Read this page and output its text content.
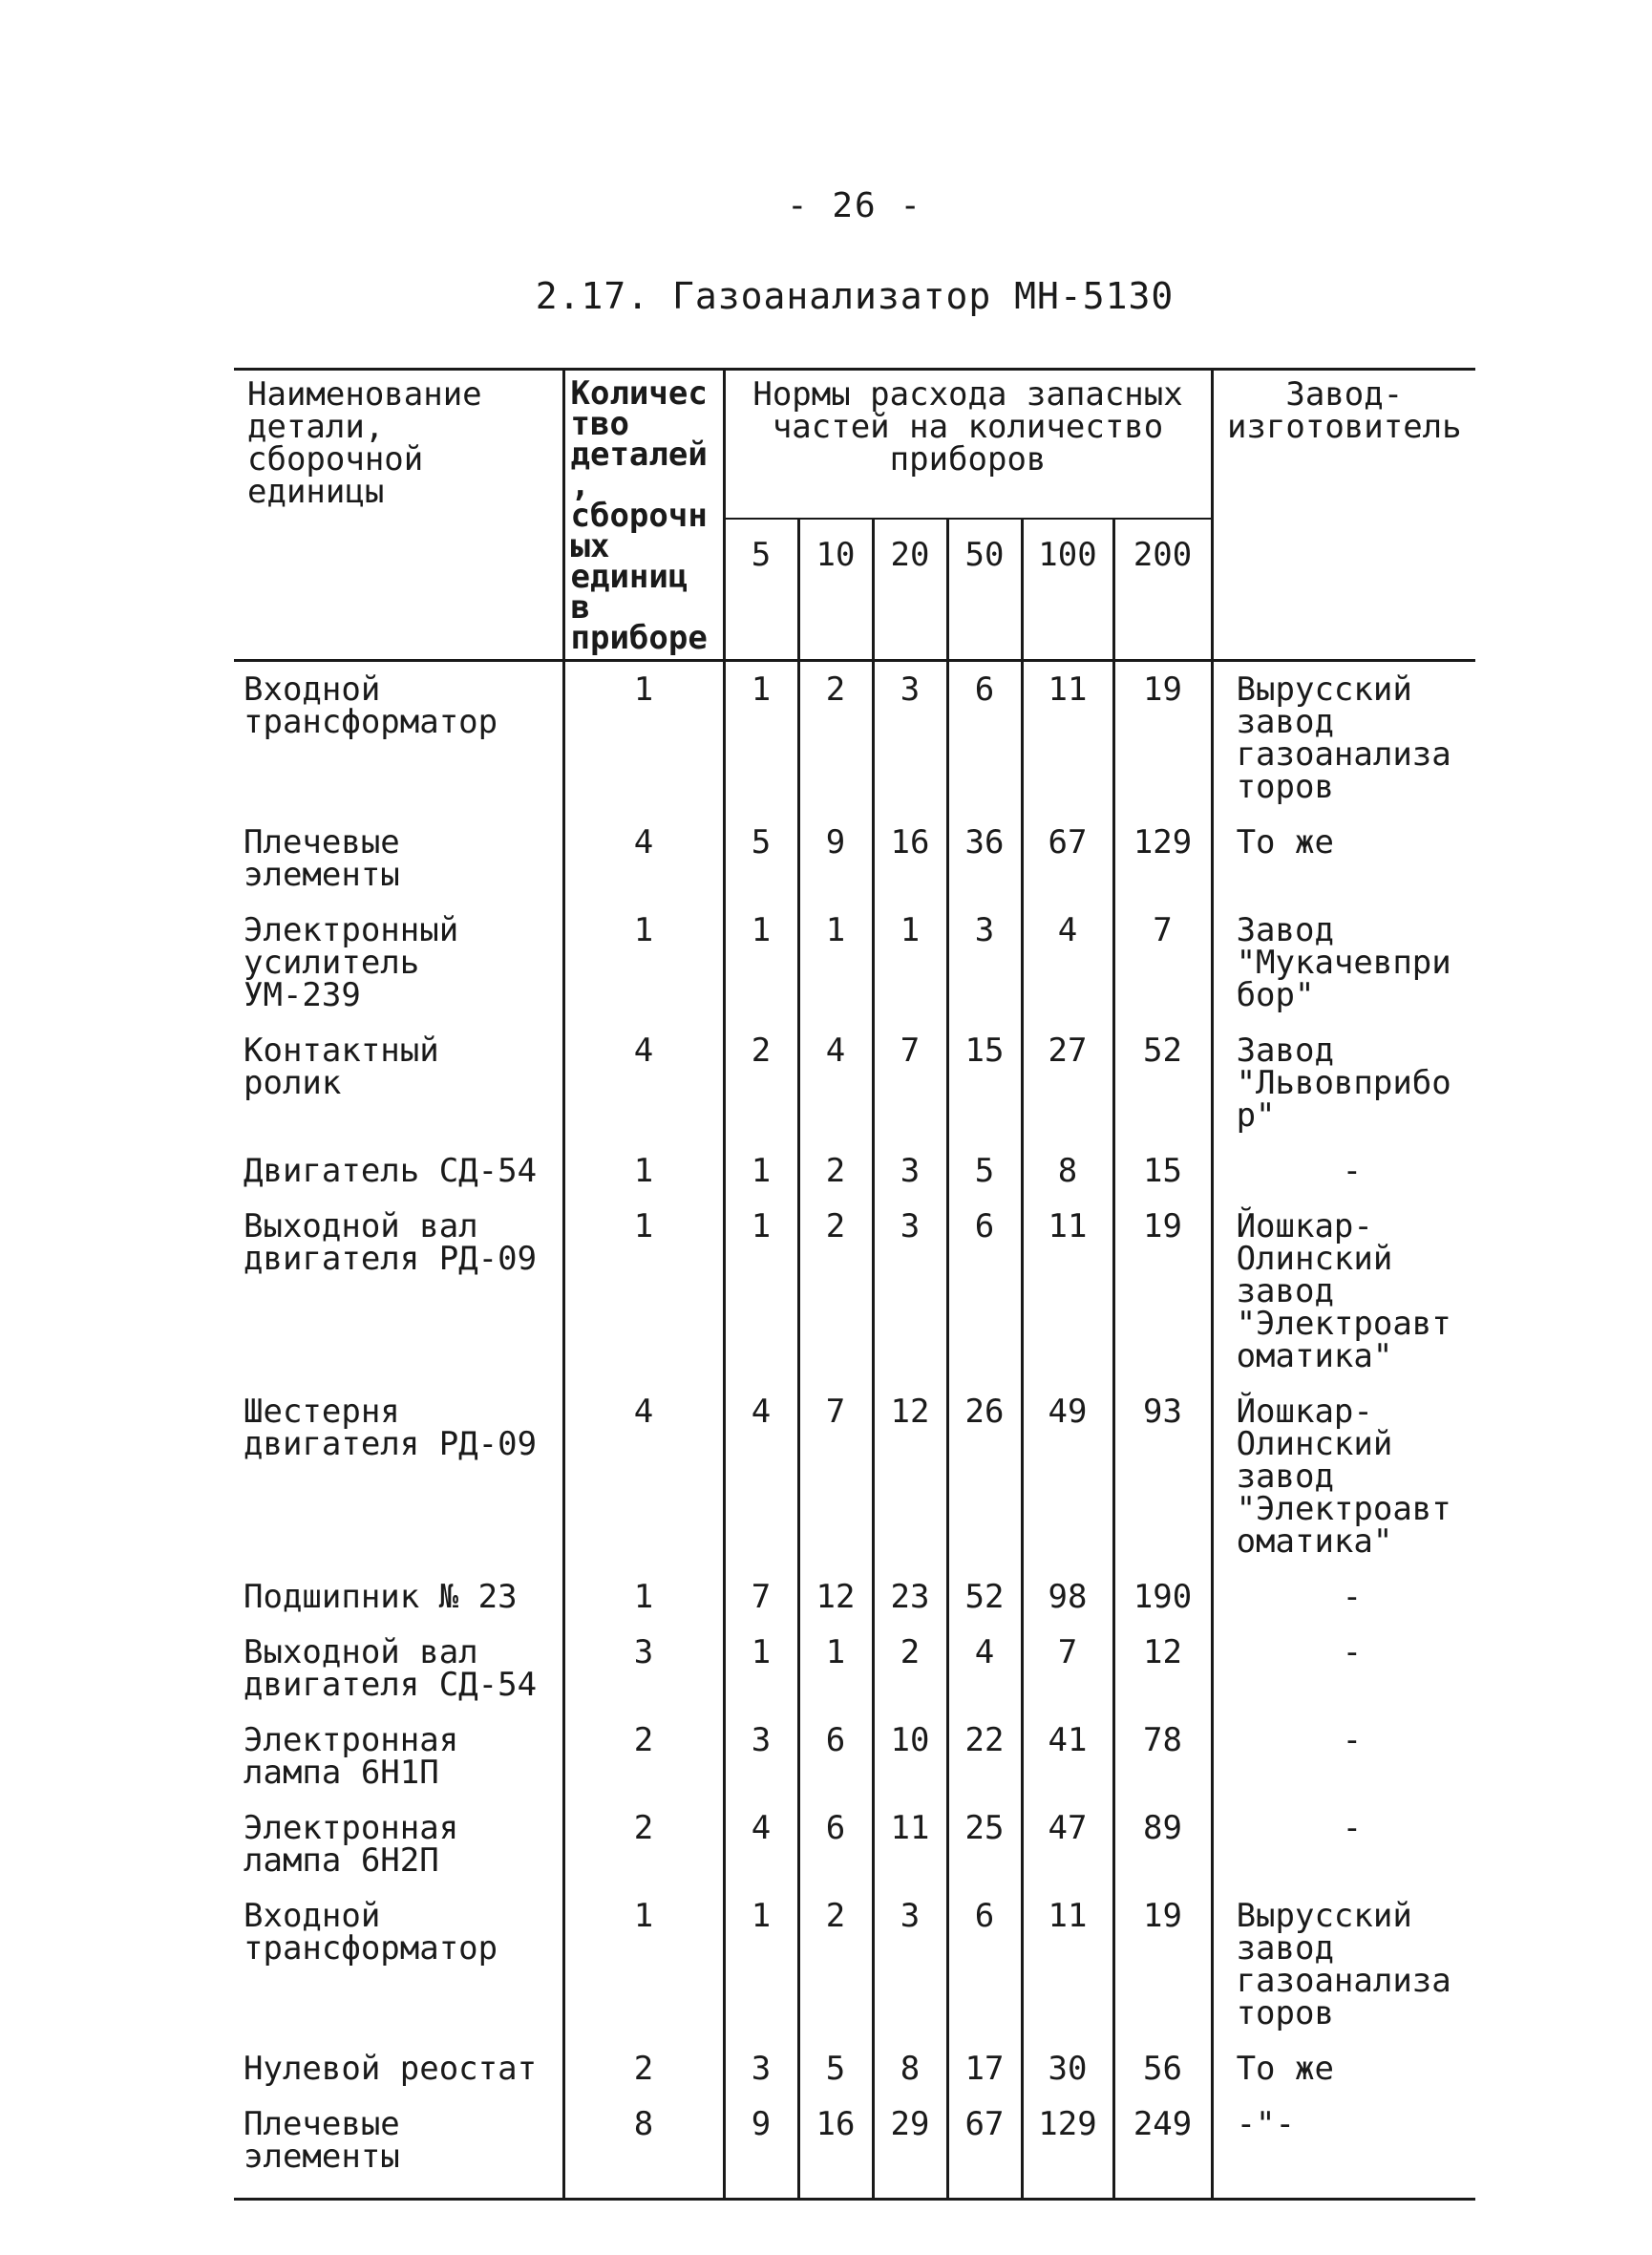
- 26 -
2.17. Газоанализатор МН-5130
Наименование детали, сборочной единицы	Количество деталей, сборочных единиц в приборе	Нормы расхода запасных частей на количество приборов						Завод-изготовитель
		5	10	20	50	100	200	
Входной трансформатор	1	1	2	3	6	11	19	Вырусский завод газоанализаторов
Плечевые элементы	4	5	9	16	36	67	129	То же
Электронный усилитель УМ-239	1	1	1	1	3	4	7	Завод "Мукачевприбор"
Контактный ролик	4	2	4	7	15	27	52	Завод "Львовприбор"
Двигатель СД-54	1	1	2	3	5	8	15	-
Выходной вал двигателя РД-09	1	1	2	3	6	11	19	Йошкар-Олинский завод "Электроавтоматика"
Шестерня двигателя РД-09	4	4	7	12	26	49	93	Йошкар-Олинский завод "Электроавтоматика"
Подшипник № 23	1	7	12	23	52	98	190	-
Выходной вал двигателя СД-54	3	1	1	2	4	7	12	-
Электронная лампа 6Н1П	2	3	6	10	22	41	78	-
Электронная лампа 6Н2П	2	4	6	11	25	47	89	-
Входной трансформатор	1	1	2	3	6	11	19	Вырусский завод газоанализаторов
Нулевой реостат	2	3	5	8	17	30	56	То же
Плечевые элементы	8	9	16	29	67	129	249	-"-
